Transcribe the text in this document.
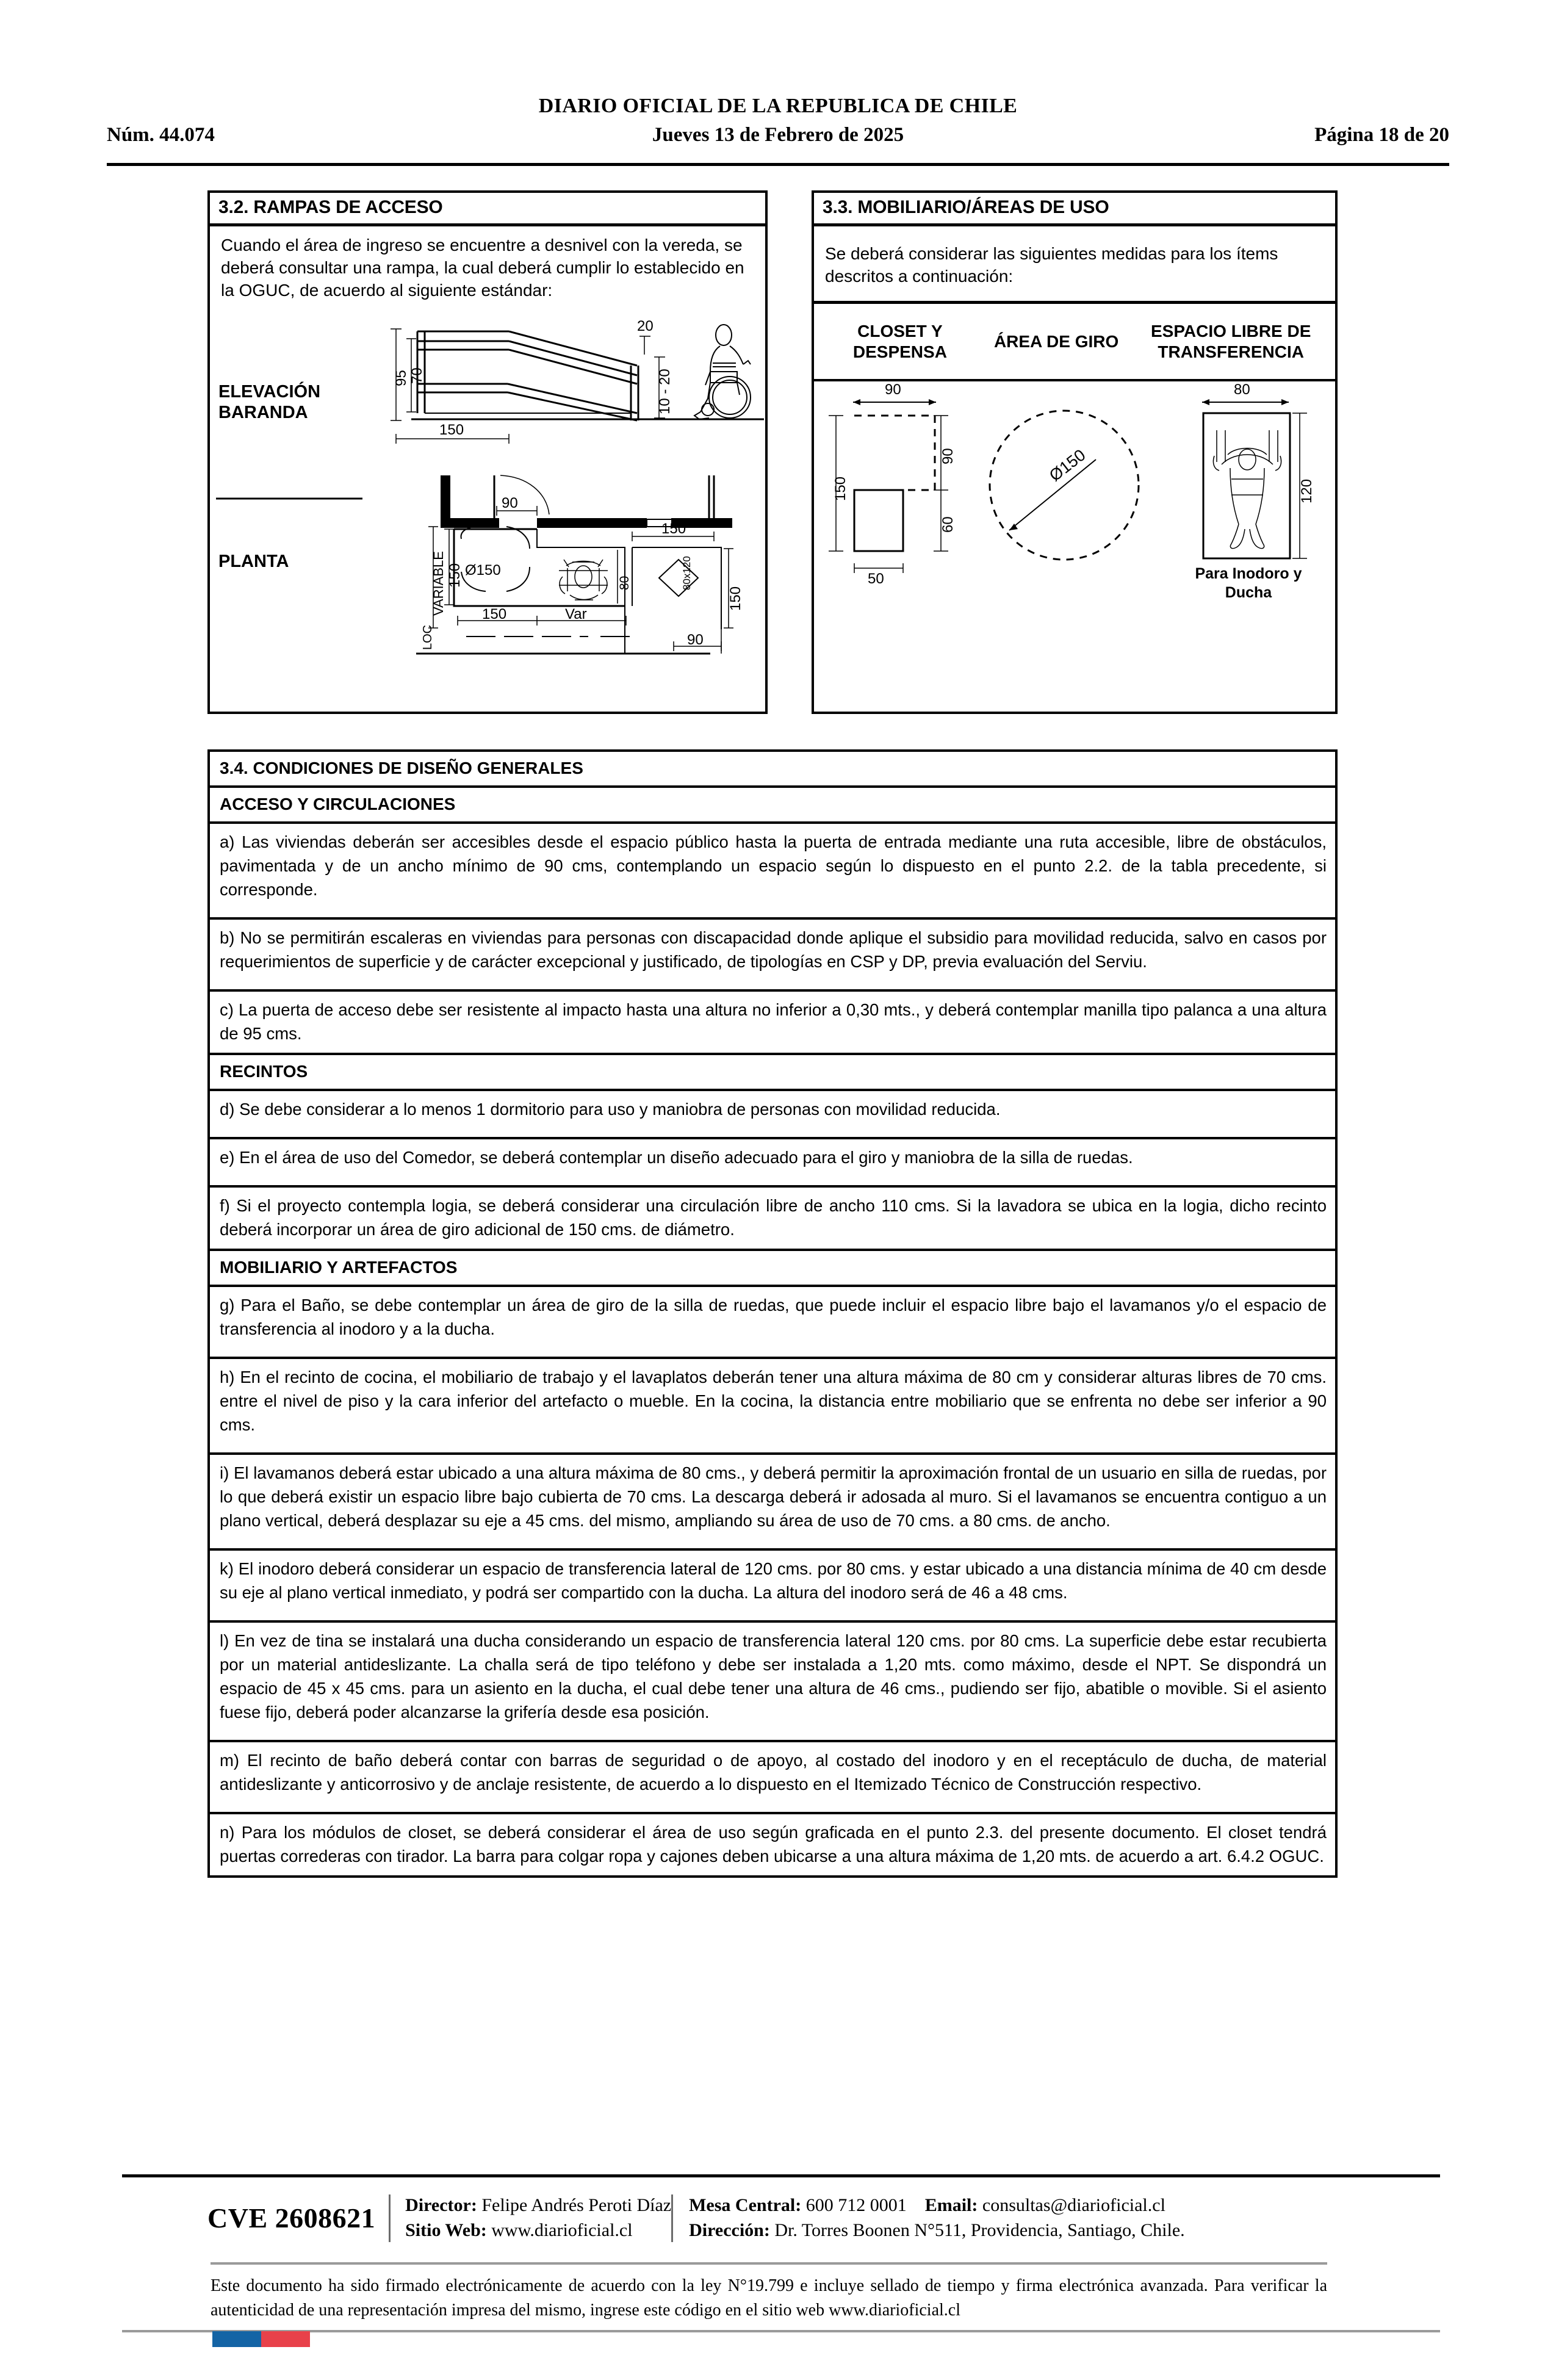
DIARIO OFICIAL DE LA REPUBLICA DE CHILE
Núm. 44.074	Jueves 13 de Febrero de 2025	Página 18 de 20
3.2. RAMPAS DE ACCESO
Cuando el área de ingreso se encuentre a desnivel con la vereda, se deberá consultar una rampa, la cual deberá cumplir lo establecido en la OGUC, de acuerdo al siguiente estándar:
ELEVACIÓN
BARANDA
95 70
20
10 - 20
150
PLANTA
90
VARIABLE 150 Ø150
150	Var
150
150
90
80	80x120
LOC
3.3. MOBILIARIO/ÁREAS DE USO
Se deberá considerar las siguientes medidas para los ítems descritos a continuación:
CLOSET Y DESPENSA
ÁREA DE GIRO
ESPACIO LIBRE DE TRANSFERENCIA
90
150
90
60
50
Ø150
80
120
Para Inodoro y
Ducha
3.4. CONDICIONES DE DISEÑO GENERALES
ACCESO Y CIRCULACIONES
a) Las viviendas deberán ser accesibles desde el espacio público hasta la puerta de entrada mediante una ruta accesible, libre de obstáculos, pavimentada y de un ancho mínimo de 90 cms, contemplando un espacio según lo dispuesto en el punto 2.2. de la tabla precedente, si corresponde.
b) No se permitirán escaleras en viviendas para personas con discapacidad donde aplique el subsidio para movilidad reducida, salvo en casos por requerimientos de superficie y de carácter excepcional y justificado, de tipologías en CSP y DP, previa evaluación del Serviu.
c) La puerta de acceso debe ser resistente al impacto hasta una altura no inferior a 0,30 mts., y deberá contemplar manilla tipo palanca a una altura de 95 cms.
RECINTOS
d) Se debe considerar a lo menos 1 dormitorio para uso y maniobra de personas con movilidad reducida.
e) En el área de uso del Comedor, se deberá contemplar un diseño adecuado para el giro y maniobra de la silla de ruedas.
f) Si el proyecto contempla logia, se deberá considerar una circulación libre de ancho 110 cms. Si la lavadora se ubica en la logia, dicho recinto deberá incorporar un área de giro adicional de 150 cms. de diámetro.
MOBILIARIO Y ARTEFACTOS
g) Para el Baño, se debe contemplar un área de giro de la silla de ruedas, que puede incluir el espacio libre bajo el lavamanos y/o el espacio de transferencia al inodoro y a la ducha.
h) En el recinto de cocina, el mobiliario de trabajo y el lavaplatos deberán tener una altura máxima de 80 cm y considerar alturas libres de 70 cms. entre el nivel de piso y la cara inferior del artefacto o mueble. En la cocina, la distancia entre mobiliario que se enfrenta no debe ser inferior a 90 cms.
i) El lavamanos deberá estar ubicado a una altura máxima de 80 cms., y deberá permitir la aproximación frontal de un usuario en silla de ruedas, por lo que deberá existir un espacio libre bajo cubierta de 70 cms. La descarga deberá ir adosada al muro. Si el lavamanos se encuentra contiguo a un plano vertical, deberá desplazar su eje a 45 cms. del mismo, ampliando su área de uso de 70 cms. a 80 cms. de ancho.
k) El inodoro deberá considerar un espacio de transferencia lateral de 120 cms. por 80 cms. y estar ubicado a una distancia mínima de 40 cm desde su eje al plano vertical inmediato, y podrá ser compartido con la ducha. La altura del inodoro será de 46 a 48 cms.
l) En vez de tina se instalará una ducha considerando un espacio de transferencia lateral 120 cms. por 80 cms. La superficie debe estar recubierta por un material antideslizante. La challa será de tipo teléfono y debe ser instalada a 1,20 mts. como máximo, desde el NPT. Se dispondrá un espacio de 45 x 45 cms. para un asiento en la ducha, el cual debe tener una altura de 46 cms., pudiendo ser fijo, abatible o movible. Si el asiento fuese fijo, deberá poder alcanzarse la grifería desde esa posición.
m) El recinto de baño deberá contar con barras de seguridad o de apoyo, al costado del inodoro y en el receptáculo de ducha, de material antideslizante y anticorrosivo y de anclaje resistente, de acuerdo a lo dispuesto en el Itemizado Técnico de Construcción respectivo.
n) Para los módulos de closet, se deberá considerar el área de uso según graficada en el punto 2.3. del presente documento. El closet tendrá puertas correderas con tirador. La barra para colgar ropa y cajones deben ubicarse a una altura máxima de 1,20 mts. de acuerdo a art. 6.4.2 OGUC.
CVE 2608621	Director: Felipe Andrés Peroti Díaz
Sitio Web: www.diarioficial.cl
Mesa Central: 600 712 0001 Email: consultas@diarioficial.cl
Dirección: Dr. Torres Boonen N°511, Providencia, Santiago, Chile.
Este documento ha sido firmado electrónicamente de acuerdo con la ley N°19.799 e incluye sellado de tiempo y firma electrónica avanzada. Para verificar la autenticidad de una representación impresa del mismo, ingrese este código en el sitio web www.diarioficial.cl
